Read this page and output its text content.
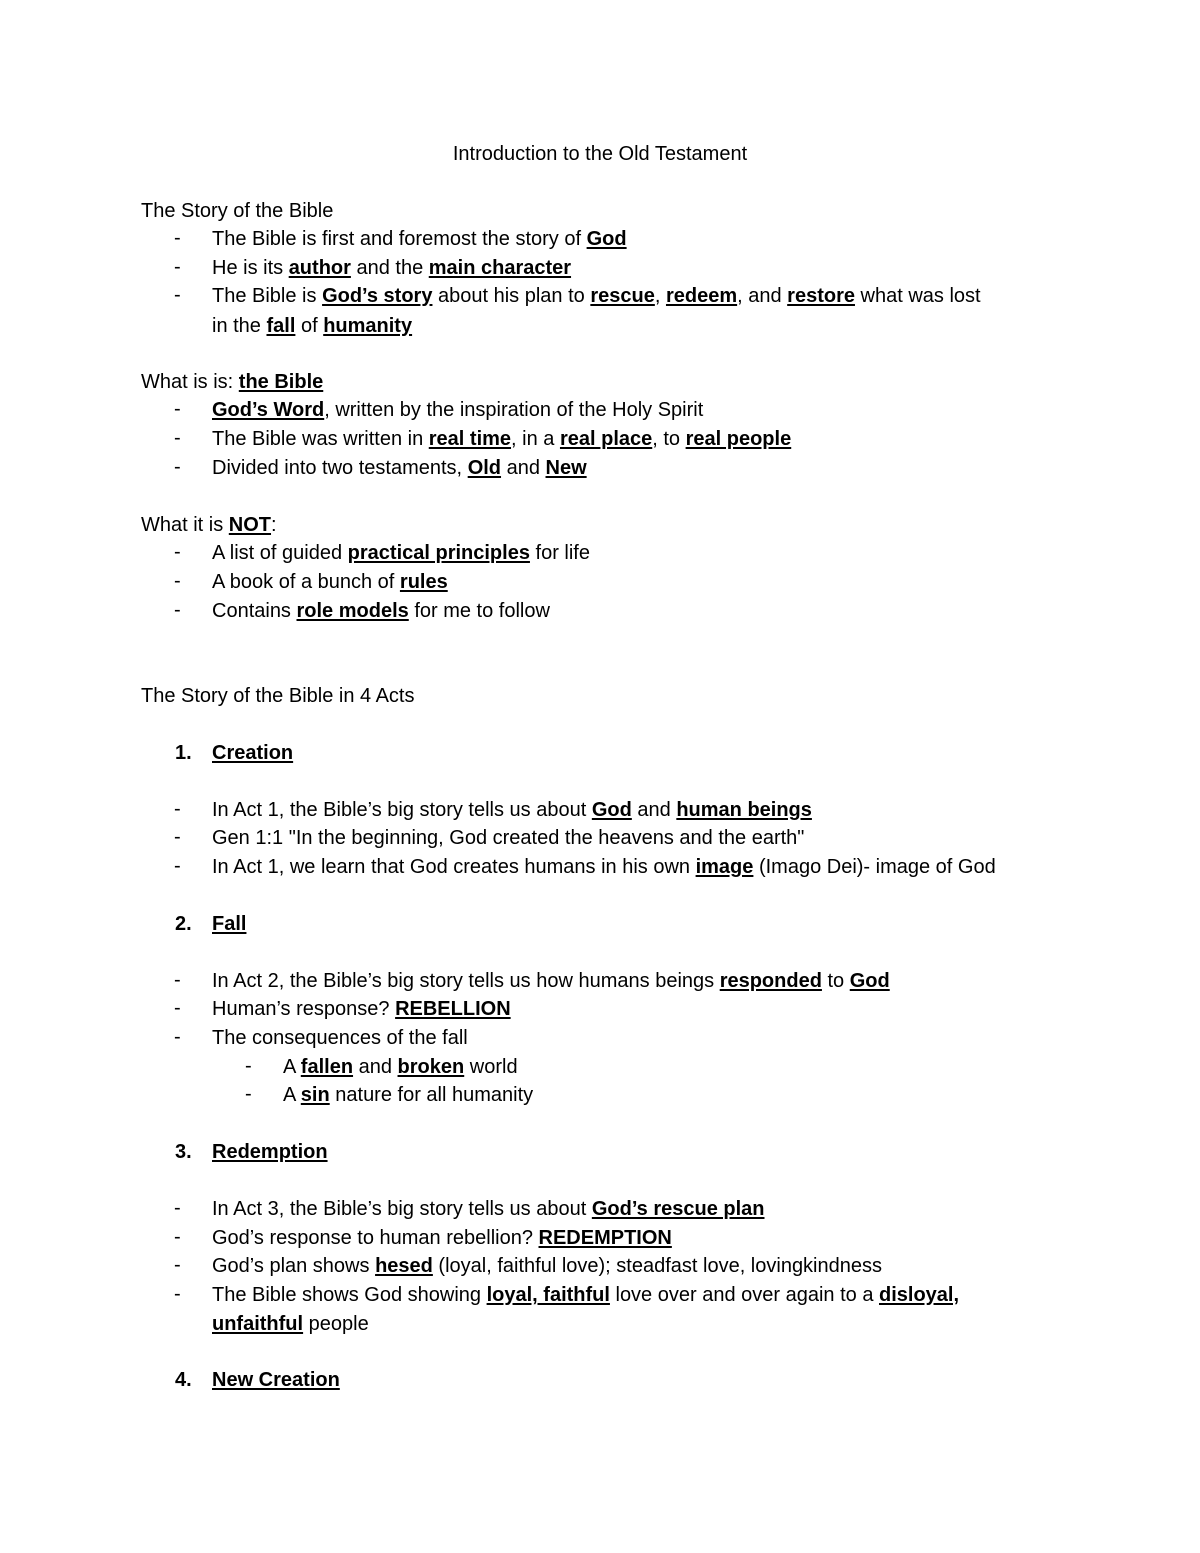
Introduction to the Old Testament
The Story of the Bible
- The Bible is first and foremost the story of God
- He is its author and the main character
- The Bible is God’s story about his plan to rescue, redeem, and restore what was lost
in the fall of humanity
What is is: the Bible
- God’s Word, written by the inspiration of the Holy Spirit
- The Bible was written in real time, in a real place, to real people
- Divided into two testaments, Old and New
What it is NOT:
- A list of guided practical principles for life
- A book of a bunch of rules
- Contains role models for me to follow
The Story of the Bible in 4 Acts
1. Creation
- In Act 1, the Bible’s big story tells us about God and human beings
- Gen 1:1 "In the beginning, God created the heavens and the earth"
- In Act 1, we learn that God creates humans in his own image (Imago Dei)- image of God
2. Fall
- In Act 2, the Bible’s big story tells us how humans beings responded to God
- Human’s response? REBELLION
- The consequences of the fall
- A fallen and broken world
- A sin nature for all humanity
3. Redemption
- In Act 3, the Bible’s big story tells us about God’s rescue plan
- God’s response to human rebellion? REDEMPTION
- God’s plan shows hesed (loyal, faithful love); steadfast love, lovingkindness
- The Bible shows God showing loyal, faithful love over and over again to a disloyal,
unfaithful people
4. New Creation
